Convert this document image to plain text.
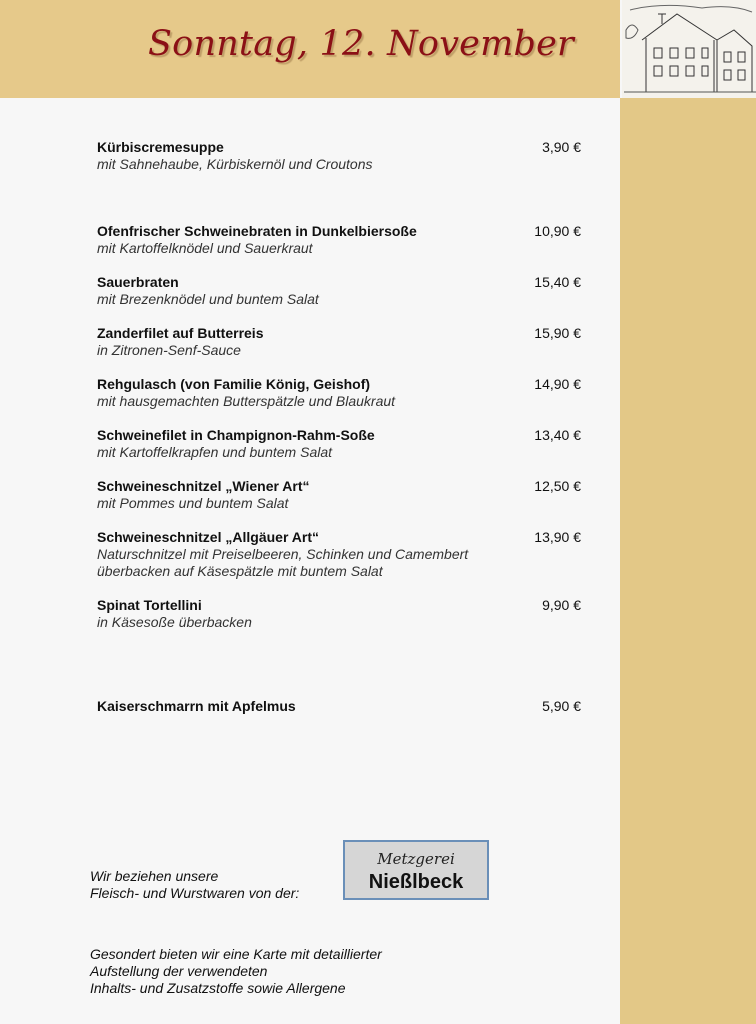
Sonntag, 12. November
Kürbiscremesuppe
mit Sahnehaube, Kürbiskernöl und Croutons
3,90 €
Ofenfrischer Schweinebraten in Dunkelbiersoße
mit Kartoffelknödel und Sauerkraut
10,90 €
Sauerbraten
mit Brezenknödel und buntem Salat
15,40 €
Zanderfilet auf Butterreis
in Zitronen-Senf-Sauce
15,90 €
Rehgulasch (von Familie König, Geishof)
mit hausgemachten Butterspätzle und Blaukraut
14,90 €
Schweinefilet in Champignon-Rahm-Soße
mit Kartoffelkrapfen und buntem Salat
13,40 €
Schweineschnitzel „Wiener Art“
mit Pommes und buntem Salat
12,50 €
Schweineschnitzel „Allgäuer Art“
Naturschnitzel mit Preiselbeeren, Schinken und Camembert
überbacken auf Käsespätzle mit buntem Salat
13,90 €
Spinat Tortellini
in Käsesoße überbacken
9,90 €
Kaiserschmarrn mit Apfelmus	5,90 €
Wir beziehen unsere
Fleisch- und Wurstwaren von der:
Metzgerei
Nießlbeck
Gesondert bieten wir eine Karte mit detaillierter
Aufstellung der verwendeten
Inhalts- und Zusatzstoffe sowie Allergene
